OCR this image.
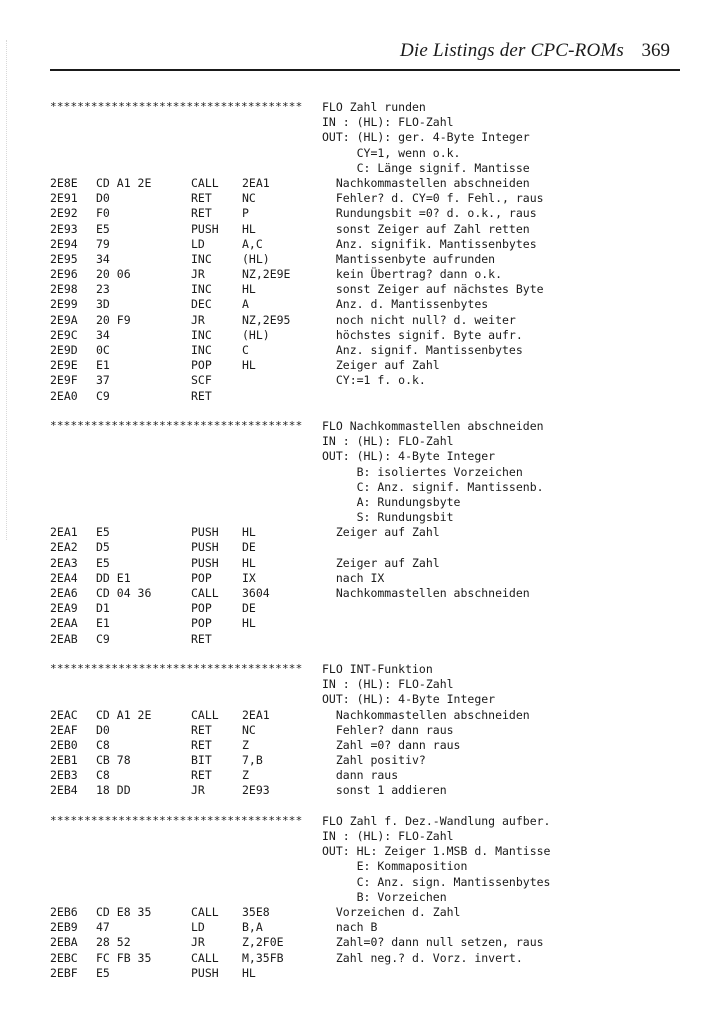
Die Listings der CPC-ROMs 369
************************************* FLO Zahl runden
IN : (HL): FLO-Zahl
OUT: (HL): ger. 4-Byte Integer
CY=1, wenn o.k.
C: Länge signif. Mantisse
2E8E CD A1 2E	CALL 2EA1	Nachkommastellen abschneiden
2E91 D0	RET	NC	Fehler? d. CY=0 f. Fehl., raus
2E92 F0	RET	P	Rundungsbit =0? d. o.k., raus
2E93 E5	PUSH HL	sonst Zeiger auf Zahl retten
2E94 79	LD	A,C	Anz. signifik. Mantissenbytes
2E95 34	INC	(HL)	Mantissenbyte aufrunden
2E96 20 06	JR	NZ,2E9E	kein Übertrag? dann o.k.
2E98 23	INC	HL	sonst Zeiger auf nächstes Byte
2E99 3D	DEC	A	Anz. d. Mantissenbytes
2E9A 20 F9	JR	NZ,2E95	noch nicht null? d. weiter
2E9C 34	INC	(HL)	höchstes signif. Byte aufr.
2E9D 0C	INC	C	Anz. signif. Mantissenbytes
2E9E E1	POP	HL	Zeiger auf Zahl
2E9F 37	SCF	CY:=1 f. o.k.
2EA0 C9	RET
************************************* FLO Nachkommastellen abschneiden
IN : (HL): FLO-Zahl
OUT: (HL): 4-Byte Integer
B: isoliertes Vorzeichen
C: Anz. signif. Mantissenb.
A: Rundungsbyte
S: Rundungsbit
2EA1 E5	PUSH HL	Zeiger auf Zahl
2EA2 D5	PUSH DE
2EA3 E5	PUSH HL	Zeiger auf Zahl
2EA4 DD E1	POP	IX	nach IX
2EA6 CD 04 36	CALL 3604	Nachkommastellen abschneiden
2EA9 D1	POP	DE
2EAA E1	POP	HL
2EAB C9	RET
************************************* FLO INT-Funktion
IN : (HL): FLO-Zahl
OUT: (HL): 4-Byte Integer
2EAC CD A1 2E	CALL 2EA1	Nachkommastellen abschneiden
2EAF D0	RET	NC	Fehler? dann raus
2EB0 C8	RET	Z	Zahl =0? dann raus
2EB1 CB 78	BIT	7,B	Zahl positiv?
2EB3 C8	RET	Z	dann raus
2EB4 18 DD	JR	2E93	sonst 1 addieren
************************************* FLO Zahl f. Dez.-Wandlung aufber.
IN : (HL): FLO-Zahl
OUT: HL: Zeiger 1.MSB d. Mantisse
E: Kommaposition
C: Anz. sign. Mantissenbytes
B: Vorzeichen
2EB6 CD E8 35	CALL 35E8	Vorzeichen d. Zahl
2EB9 47	LD	B,A	nach B
2EBA 28 52	JR	Z,2F0E	Zahl=0? dann null setzen, raus
2EBC FC FB 35	CALL M,35FB	Zahl neg.? d. Vorz. invert.
2EBF E5	PUSH HL
